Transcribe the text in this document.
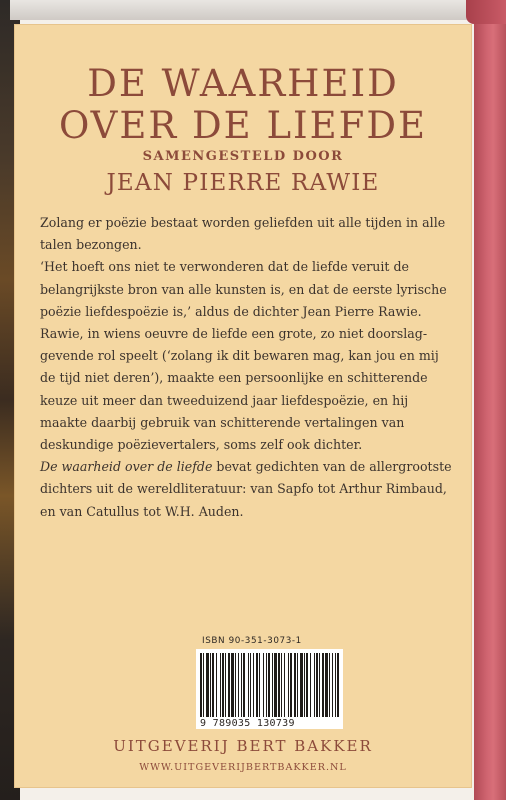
DE WAARHEID
OVER DE LIEFDE
SAMENGESTELD DOOR
JEAN PIERRE RAWIE

Zolang er poëzie bestaat worden geliefden uit alle tijden in alle

talen bezongen.

‘Het hoeft ons niet te verwonderen dat de liefde veruit de

belangrijkste bron van alle kunsten is, en dat de eerste lyrische

poëzie liefdespoëzie is,’ aldus de dichter Jean Pierre Rawie.

Rawie, in wiens oeuvre de liefde een grote, zo niet doorslag-

gevende rol speelt (‘zolang ik dit bewaren mag, kan jou en mij

de tijd niet deren’), maakte een persoonlijke en schitterende

keuze uit meer dan tweeduizend jaar liefdespoëzie, en hij

maakte daarbij gebruik van schitterende vertalingen van

deskundige poëzievertalers, soms zelf ook dichter.

De waarheid over de liefde bevat gedichten van de allergrootste

dichters uit de wereldliteratuur: van Sapfo tot Arthur Rimbaud,

en van Catullus tot W.H. Auden.

ISBN 90-351-3073-1
9 789035 130739
UITGEVERIJ BERT BAKKER
WWW.UITGEVERIJBERTBAKKER.NL
